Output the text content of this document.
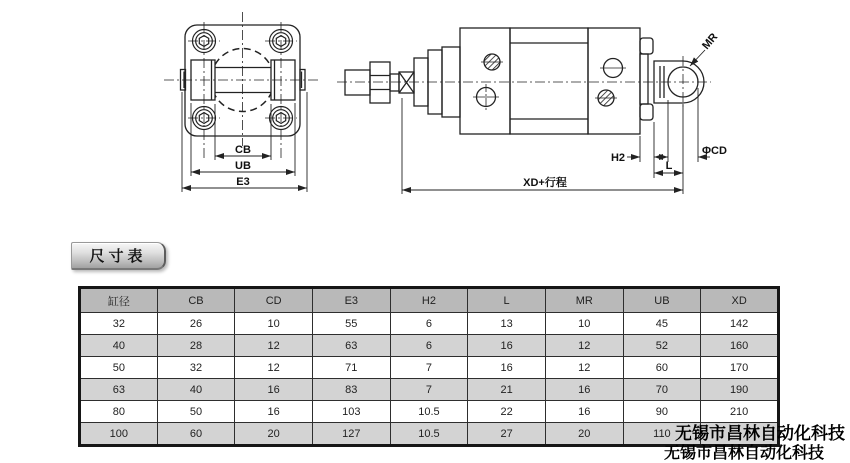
CB
UB
E3
MR
H2
ΦCD
L
XD+行程
尺寸表
缸径	CB	CD	E3	H2	L	MR	UB	XD
32	26	10	55	6	13	10	45	142
40	28	12	63	6	16	12	52	160
50	32	12	71	7	16	12	60	170
63	40	16	83	7	21	16	70	190
80	50	16	103	10.5	22	16	90	210
100	60	20	127	10.5	27	20	110	无锡市昌林自动化科技
无锡市昌林自动化科技
